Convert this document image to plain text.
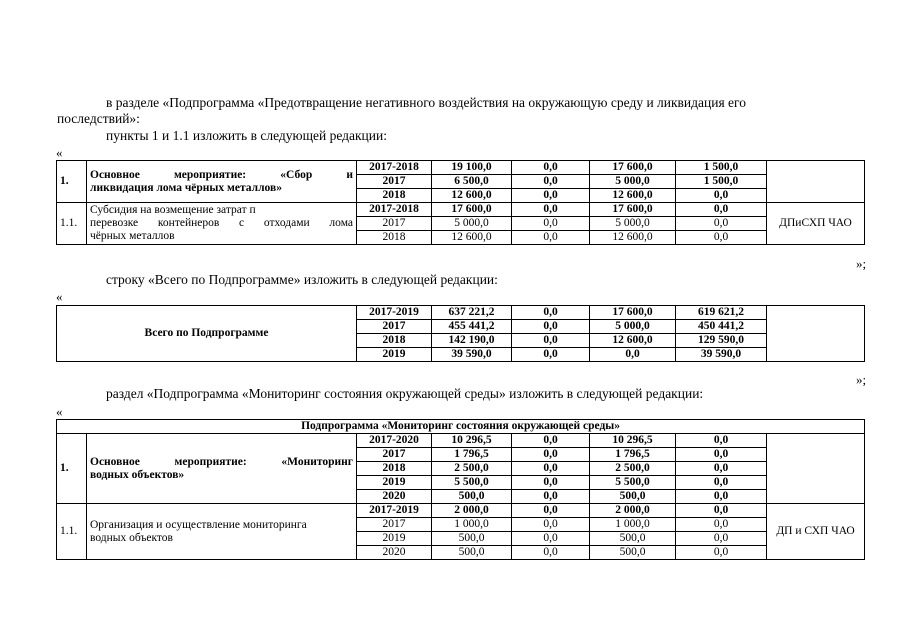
в разделе «Подпрограмма «Предотвращение негативного воздействия на окружающую среду и ликвидация его
последствий»:
пункты 1 и 1.1 изложить в следующей редакции:
«
1.	Основное мероприятие: «Сбор и
ликвидация лома чёрных металлов»	2017-2018	19 100,0	0,0	17 600,0	1 500,0	
		2017	6 500,0	0,0	5 000,0	1 500,0	
		2018	12 600,0	0,0	12 600,0	0,0	
1.1.	Субсидия на возмещение затрат п
перевозке контейнеров с отходами лома
чёрных металлов	2017-2018	17 600,0	0,0	17 600,0	0,0	ДПиСХП ЧАО
		2017	5 000,0	0,0	5 000,0	0,0	
		2018	12 600,0	0,0	12 600,0	0,0	
»;
строку «Всего по Подпрограмме» изложить в следующей редакции:
«
Всего по Подпрограмме	2017-2019	637 221,2	0,0	17 600,0	619 621,2	
	2017	455 441,2	0,0	5 000,0	450 441,2	
	2018	142 190,0	0,0	12 600,0	129 590,0	
	2019	39 590,0	0,0	0,0	39 590,0	
»;
раздел «Подпрограмма «Мониторинг состояния окружающей среды» изложить в следующей редакции:
«
Подпрограмма «Мониторинг состояния окружающей среды»							
1.	Основное мероприятие: «Мониторинг
водных объектов»	2017-2020	10 296,5	0,0	10 296,5	0,0	
		2017	1 796,5	0,0	1 796,5	0,0	
		2018	2 500,0	0,0	2 500,0	0,0	
		2019	5 500,0	0,0	5 500,0	0,0	
		2020	500,0	0,0	500,0	0,0	
1.1.	Организация и осуществление мониторинга
водных объектов	2017-2019	2 000,0	0,0	2 000,0	0,0	ДП и СХП ЧАО
		2017	1 000,0	0,0	1 000,0	0,0	
		2019	500,0	0,0	500,0	0,0	
		2020	500,0	0,0	500,0	0,0	
